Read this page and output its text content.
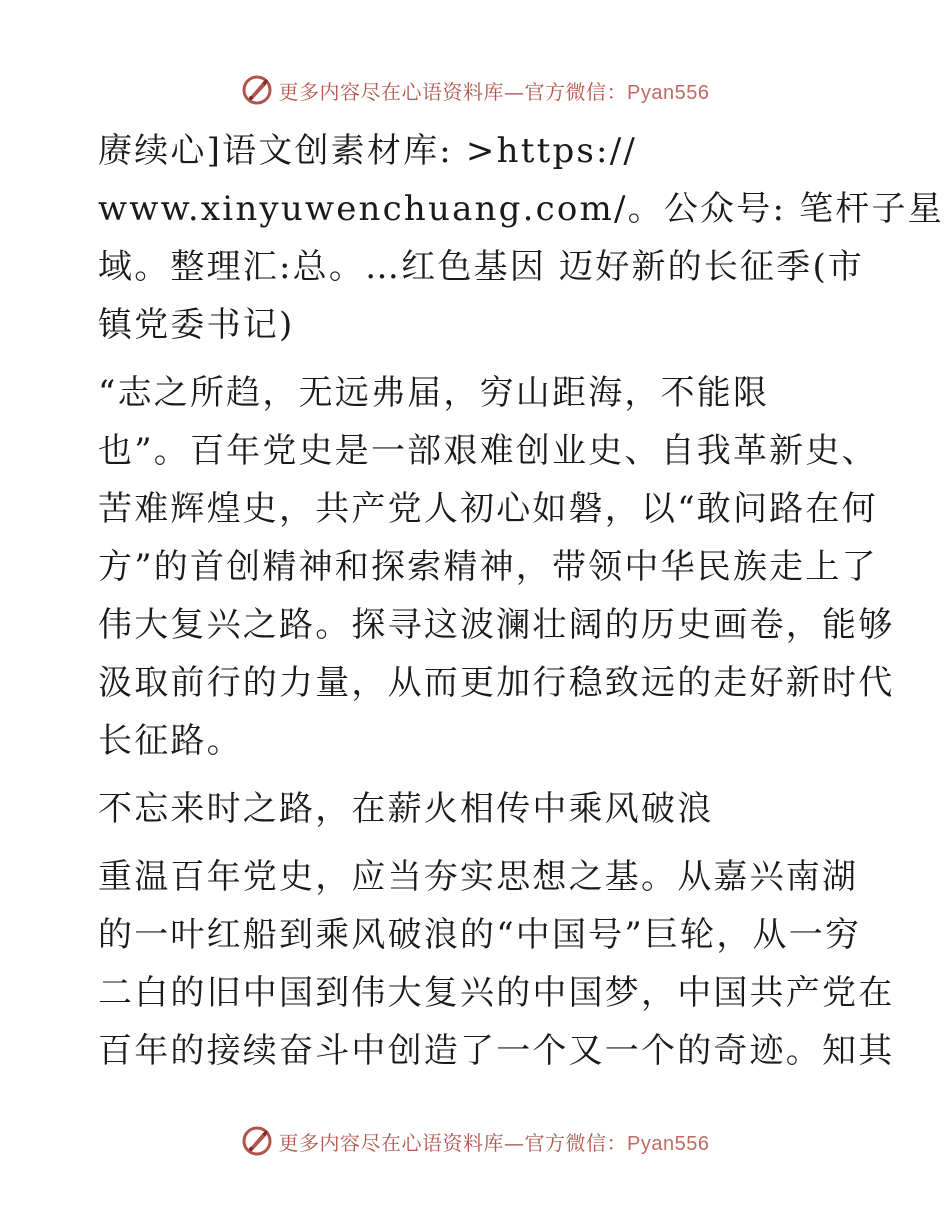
更多内容尽在心语资料库—官方微信：Pyan556
赓续心]语文创素材库: >https://
www.xinyuwenchuang.com/。公众号: 笔杆子星
域。整理汇:总。…红色基因 迈好新的长征季(市
镇党委书记)
“志之所趋，无远弗届，穷山距海，不能限
也”。百年党史是一部艰难创业史、自我革新史、
苦难辉煌史，共产党人初心如磐，以“敢问路在何
方”的首创精神和探索精神，带领中华民族走上了
伟大复兴之路。探寻这波澜壮阔的历史画卷，能够
汲取前行的力量，从而更加行稳致远的走好新时代
长征路。
不忘来时之路，在薪火相传中乘风破浪
重温百年党史，应当夯实思想之基。从嘉兴南湖
的一叶红船到乘风破浪的“中国号”巨轮，从一穷
二白的旧中国到伟大复兴的中国梦，中国共产党在
百年的接续奋斗中创造了一个又一个的奇迹。知其
更多内容尽在心语资料库—官方微信：Pyan556
